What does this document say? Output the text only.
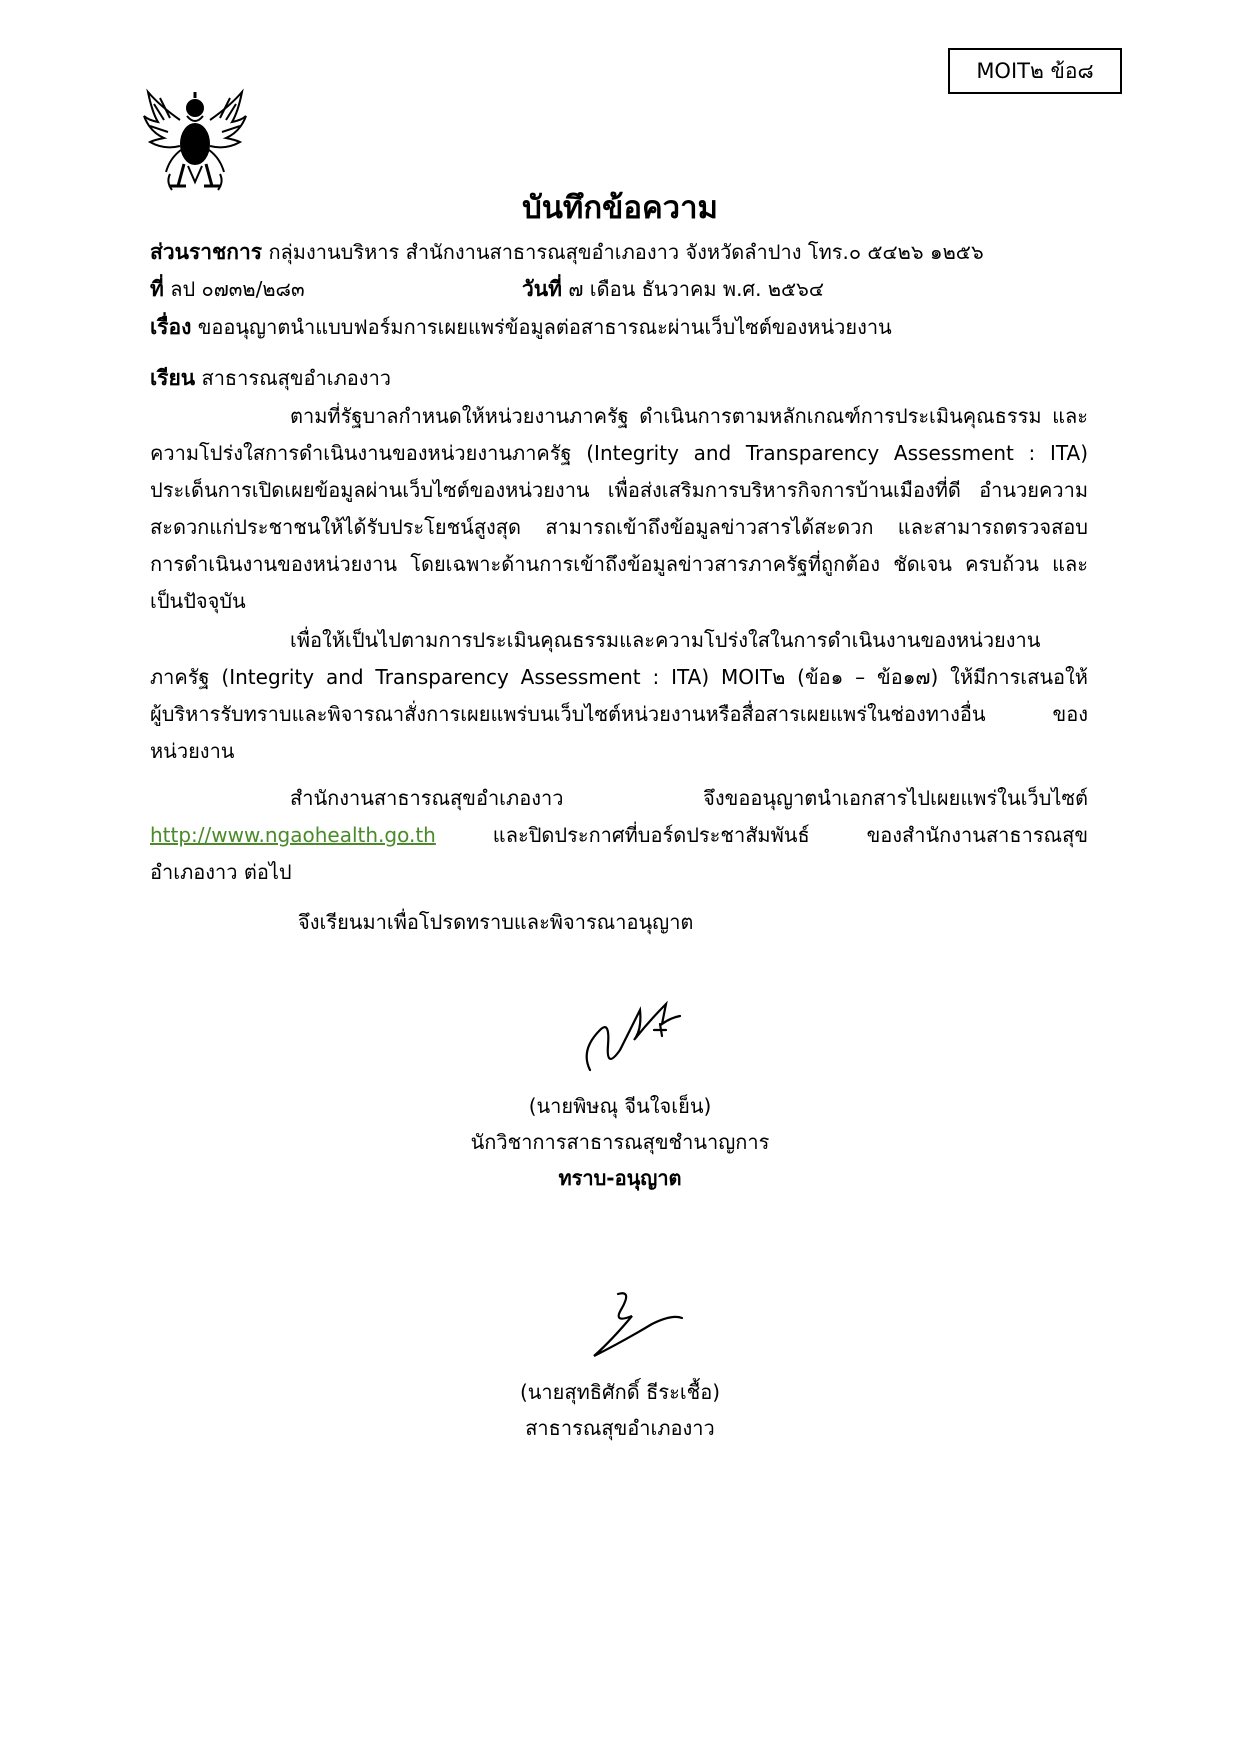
MOIT๒ ข้อ๘
บันทึกข้อความ
ส่วนราชการ กลุ่มงานบริหาร สำนักงานสาธารณสุขอำเภองาว จังหวัดลำปาง โทร.๐ ๕๔๒๖ ๑๒๕๖
ที่ ลป ๐๗๓๒/๒๘๓	วันที่ ๗ เดือน ธันวาคม พ.ศ. ๒๕๖๔
เรื่อง ขออนุญาตนำแบบฟอร์มการเผยแพร่ข้อมูลต่อสาธารณะผ่านเว็บไซต์ของหน่วยงาน
เรียน สาธารณสุขอำเภองาว
ตามที่รัฐบาลกำหนดให้หน่วยงานภาครัฐ ดำเนินการตามหลักเกณฑ์การประเมินคุณธรรม และ
ความโปร่งใสการดำเนินงานของหน่วยงานภาครัฐ (Integrity and Transparency Assessment : ITA)
ประเด็นการเปิดเผยข้อมูลผ่านเว็บไซต์ของหน่วยงาน เพื่อส่งเสริมการบริหารกิจการบ้านเมืองที่ดี อำนวยความ
สะดวกแก่ประชาชนให้ได้รับประโยชน์สูงสุด สามารถเข้าถึงข้อมูลข่าวสารได้สะดวก และสามารถตรวจสอบ
การดำเนินงานของหน่วยงาน โดยเฉพาะด้านการเข้าถึงข้อมูลข่าวสารภาครัฐที่ถูกต้อง ชัดเจน ครบถ้วน และ
เป็นปัจจุบัน
เพื่อให้เป็นไปตามการประเมินคุณธรรมและความโปร่งใสในการดำเนินงานของหน่วยงาน
ภาครัฐ (Integrity and Transparency Assessment : ITA) MOIT๒ (ข้อ๑ – ข้อ๑๗) ให้มีการเสนอให้
ผู้บริหารรับทราบและพิจารณาสั่งการเผยแพร่บนเว็บไซต์หน่วยงานหรือสื่อสารเผยแพร่ในช่องทางอื่น ของ
หน่วยงาน
สำนักงานสาธารณสุขอำเภองาว จึงขออนุญาตนำเอกสารไปเผยแพร่ในเว็บไซต์
http://www.ngaohealth.go.th และปิดประกาศที่บอร์ดประชาสัมพันธ์ ของสำนักงานสาธารณสุข
อำเภองาว ต่อไป
จึงเรียนมาเพื่อโปรดทราบและพิจารณาอนุญาต
(นายพิษณุ จีนใจเย็น)
นักวิชาการสาธารณสุขชำนาญการ
ทราบ-อนุญาต
(นายสุทธิศักดิ์ ธีระเชื้อ)
สาธารณสุขอำเภองาว
